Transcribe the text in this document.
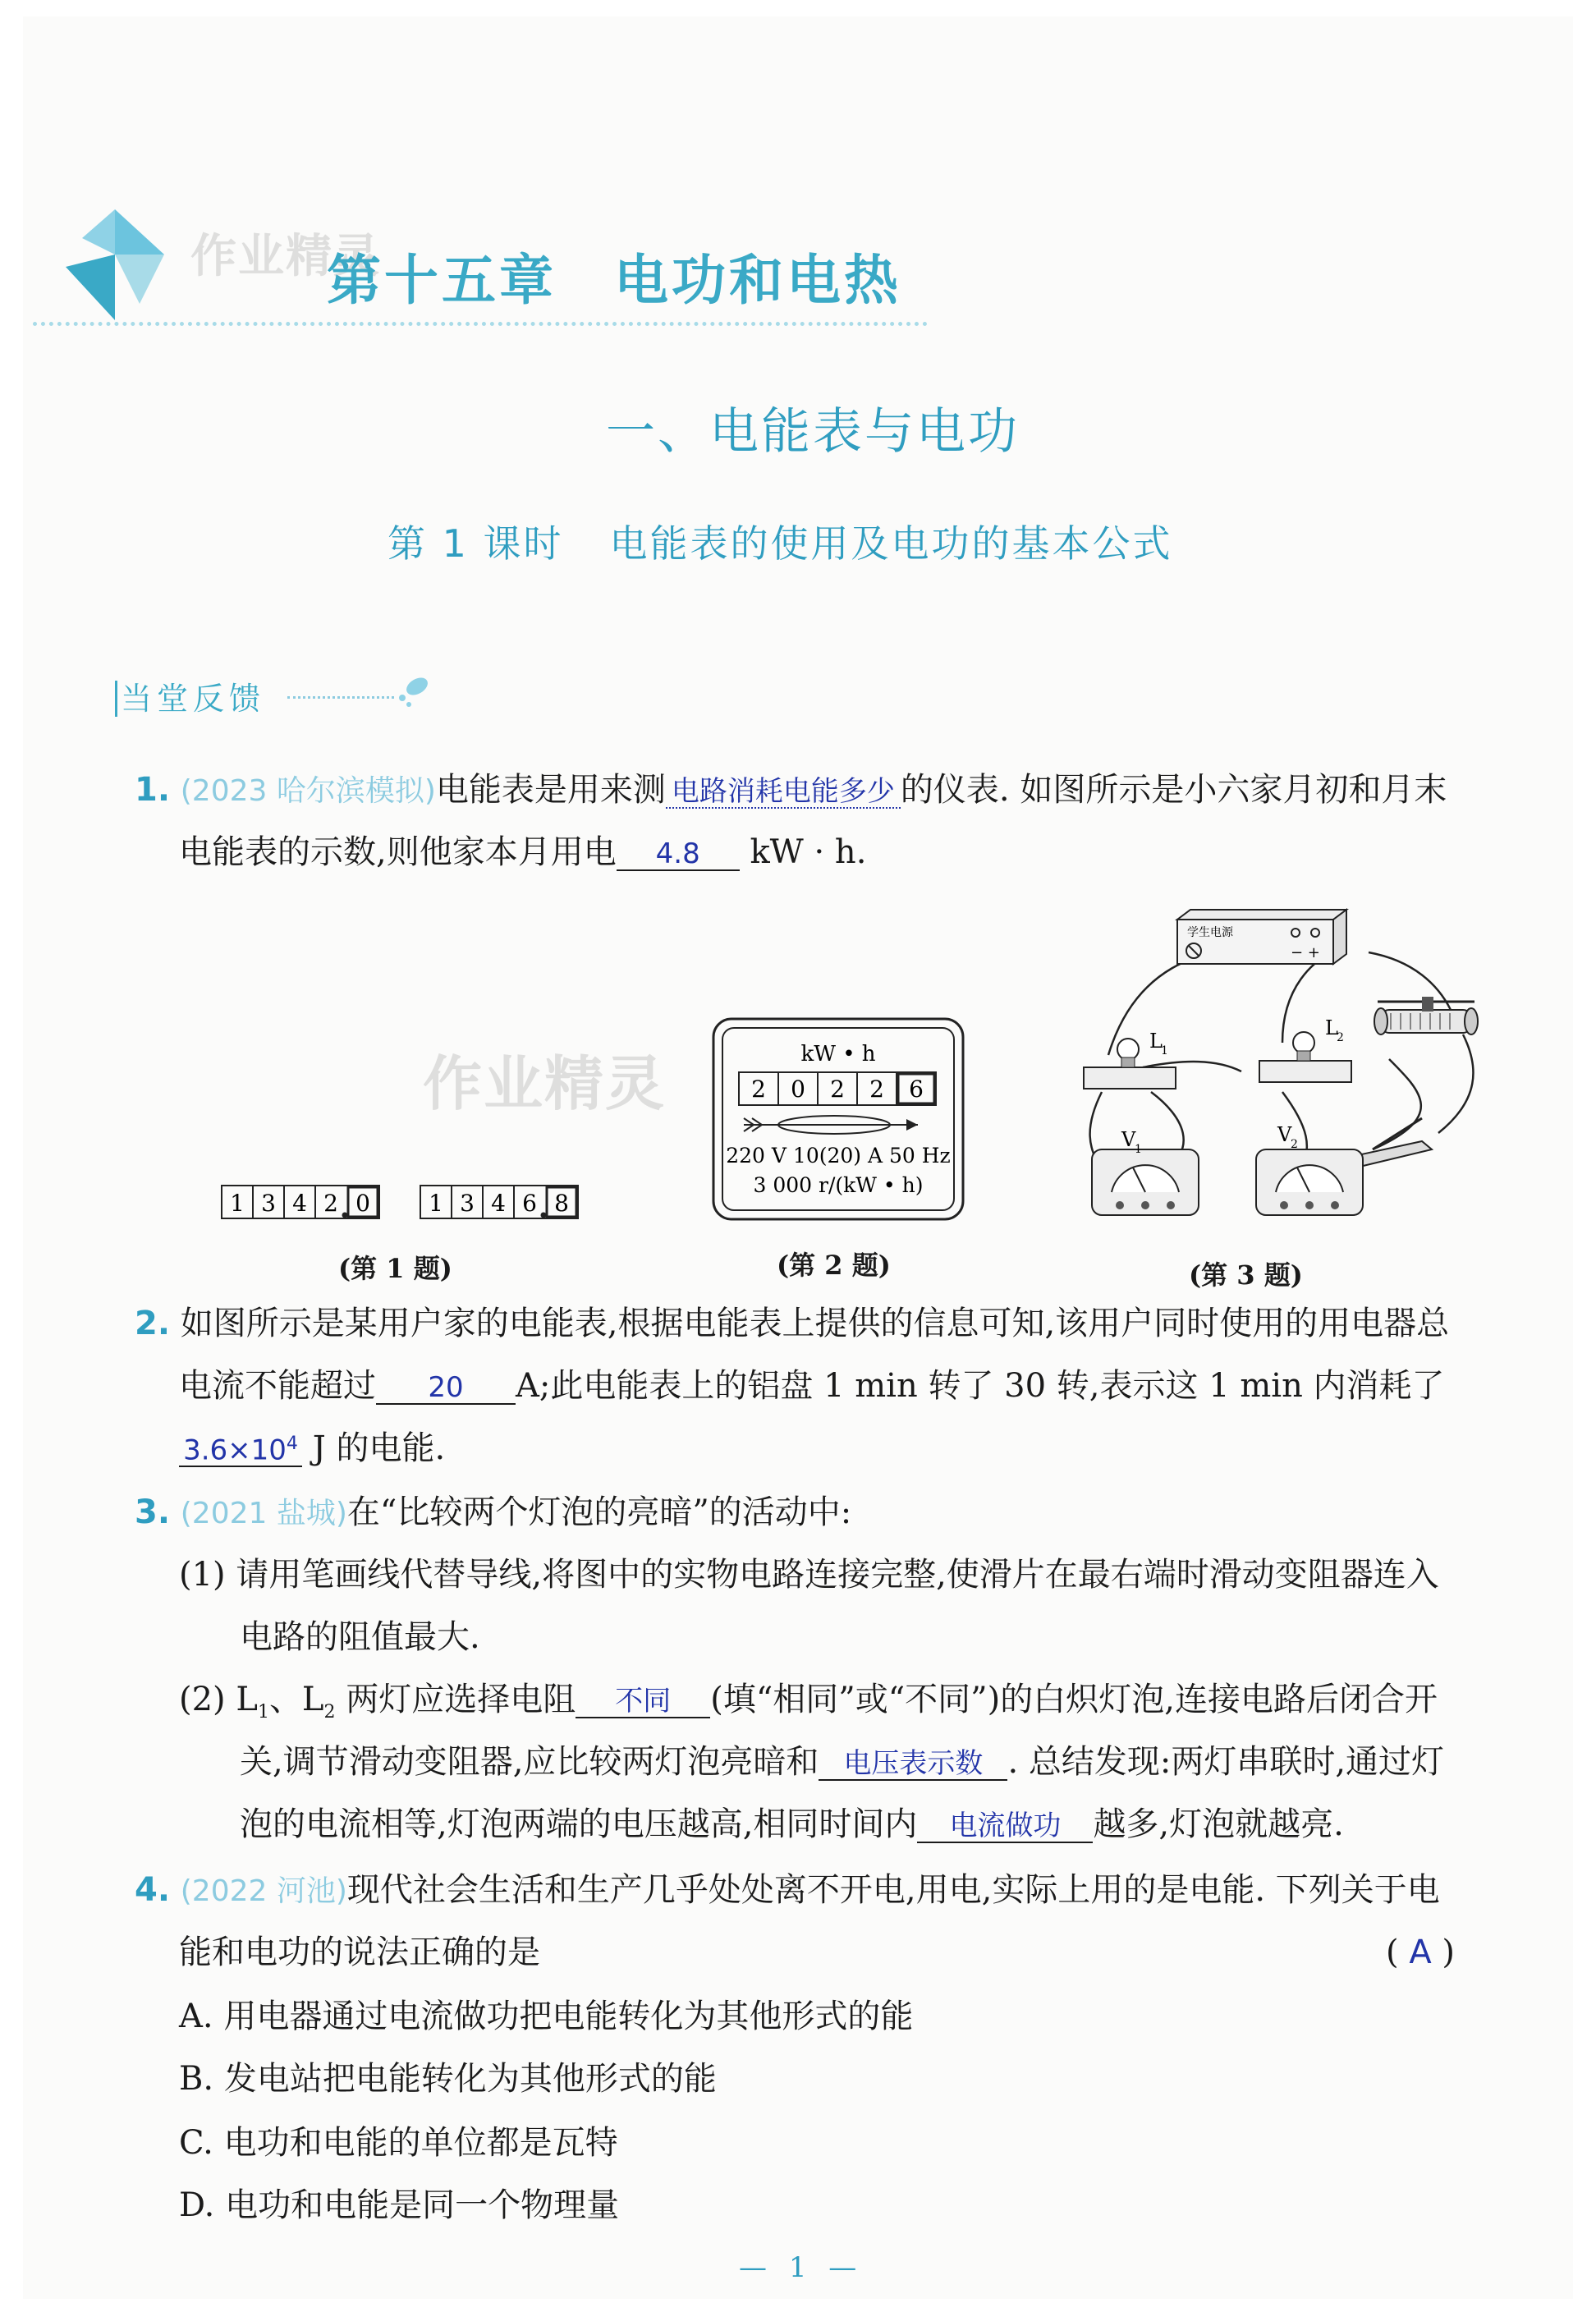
作业精灵
第十五章 电功和电热
一、电能表与电功
第 1 课时 电能表的使用及电功的基本公式
当堂反馈
1. (2023 哈尔滨模拟)电能表是用来测 电路消耗电能多少 的仪表. 如图所示是小六家月初和月末
电能表的示数,则他家本月用电 4.8 kW · h.
作业精灵
1 3 4 2 0	1 3 4 6 8
(第 1 题)
kW • h
2 0 2 2 6
220 V 10(20) A 50 Hz
3 000 r/(kW • h)
(第 2 题)
学生电源
− +
L
1
L
2
V
1
V
2
(第 3 题)
2. 如图所示是某用户家的电能表,根据电能表上提供的信息可知,该用户同时使用的用电器总
电流不能超过 20 A;此电能表上的铝盘 1 min 转了 30 转,表示这 1 min 内消耗了
$3.6\times 10^4$ J 的电能.
3. (2021 盐城)在“比较两个灯泡的亮暗”的活动中:
(1) 请用笔画线代替导线,将图中的实物电路连接完整,使滑片在最右端时滑动变阻器连入
电路的阻值最大.
(2) $L_1$、$L_2$ 两灯应选择电阻 不同 (填“相同”或“不同”)的白炽灯泡,连接电路后闭合开
关,调节滑动变阻器,应比较两灯泡亮暗和 电压表示数 . 总结发现:两灯串联时,通过灯
泡的电流相等,灯泡两端的电压越高,相同时间内 电流做功 越多,灯泡就越亮.
4. (2022 河池)现代社会生活和生产几乎处处离不开电,用电,实际上用的是电能. 下列关于电
能和电功的说法正确的是	( A )
A. 用电器通过电流做功把电能转化为其他形式的能
B. 发电站把电能转化为其他形式的能
C. 电功和电能的单位都是瓦特
D. 电功和电能是同一个物理量
— 1 —
